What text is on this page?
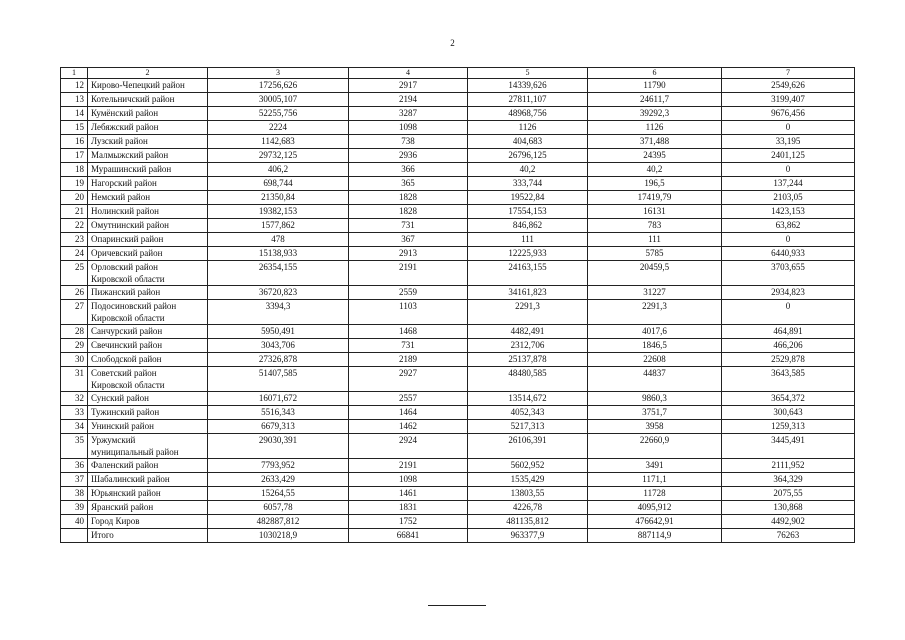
2
1	2	3	4	5	6	7
12	Кирово-Чепецкий район	17256,626	2917	14339,626	11790	2549,626
13	Котельничский район	30005,107	2194	27811,107	24611,7	3199,407
14	Кумёнский район	52255,756	3287	48968,756	39292,3	9676,456
15	Лебяжский район	2224	1098	1126	1126	0
16	Лузский район	1142,683	738	404,683	371,488	33,195
17	Малмыжский район	29732,125	2936	26796,125	24395	2401,125
18	Мурашинский район	406,2	366	40,2	40,2	0
19	Нагорский район	698,744	365	333,744	196,5	137,244
20	Немский район	21350,84	1828	19522,84	17419,79	2103,05
21	Нолинский район	19382,153	1828	17554,153	16131	1423,153
22	Омутнинский район	1577,862	731	846,862	783	63,862
23	Опаринский район	478	367	111	111	0
24	Оричевский район	15138,933	2913	12225,933	5785	6440,933
25	Орловский район
Кировской области	26354,155	2191	24163,155	20459,5	3703,655
26	Пижанский район	36720,823	2559	34161,823	31227	2934,823
27	Подосиновский район
Кировской области	3394,3	1103	2291,3	2291,3	0
28	Санчурский район	5950,491	1468	4482,491	4017,6	464,891
29	Свечинский район	3043,706	731	2312,706	1846,5	466,206
30	Слободской район	27326,878	2189	25137,878	22608	2529,878
31	Советский район
Кировской области	51407,585	2927	48480,585	44837	3643,585
32	Сунский район	16071,672	2557	13514,672	9860,3	3654,372
33	Тужинский район	5516,343	1464	4052,343	3751,7	300,643
34	Унинский район	6679,313	1462	5217,313	3958	1259,313
35	Уржумский
муниципальный район	29030,391	2924	26106,391	22660,9	3445,491
36	Фаленский район	7793,952	2191	5602,952	3491	2111,952
37	Шабалинский район	2633,429	1098	1535,429	1171,1	364,329
38	Юрьянский район	15264,55	1461	13803,55	11728	2075,55
39	Яранский район	6057,78	1831	4226,78	4095,912	130,868
40	Город Киров	482887,812	1752	481135,812	476642,91	4492,902
	Итого	1030218,9	66841	963377,9	887114,9	76263
